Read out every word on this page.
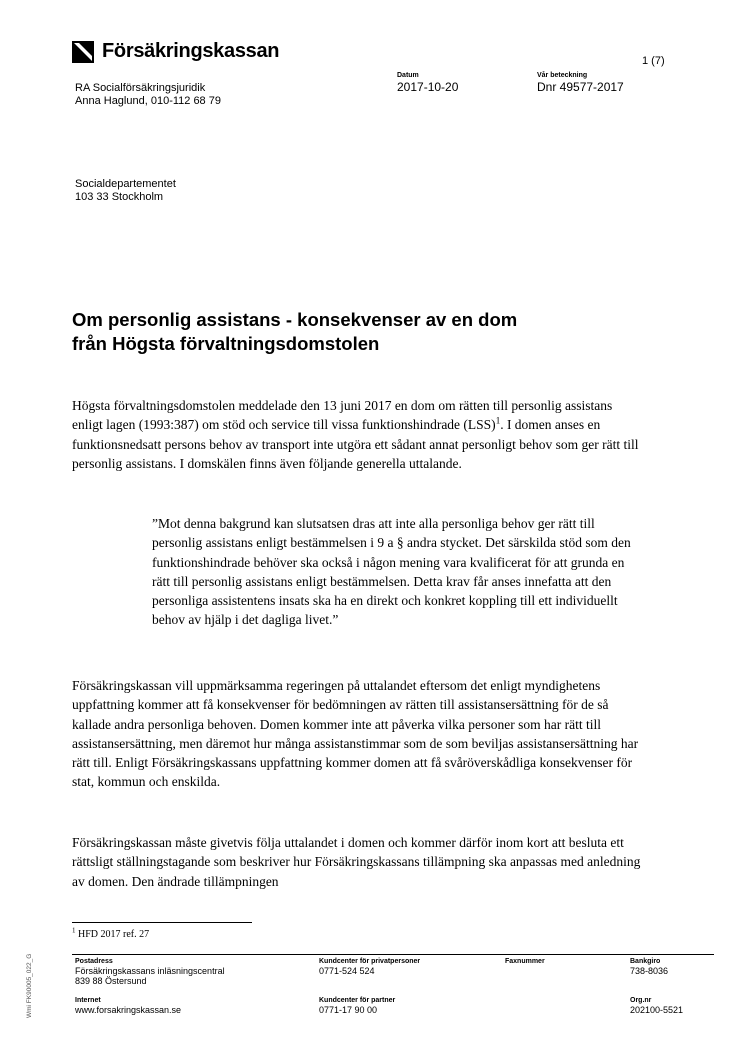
Försäkringskassan	1 (7)
RA Socialförsäkringsjuridik
Anna Haglund, 010-112 68 79
Datum
2017-10-20
Vår beteckning
Dnr 49577-2017
Socialdepartementet
103 33 Stockholm
Om personlig assistans - konsekvenser av en dom
från Högsta förvaltningsdomstolen
Högsta förvaltningsdomstolen meddelade den 13 juni 2017 en dom om rätten till personlig assistans enligt lagen (1993:387) om stöd och service till vissa funktionshindrade (LSS)$^1$. I domen anses en funktionsnedsatt persons behov av transport inte utgöra ett sådant annat personligt behov som ger rätt till personlig assistans. I domskälen finns även följande generella uttalande.
”Mot denna bakgrund kan slutsatsen dras att inte alla personliga behov ger rätt till personlig assistans enligt bestämmelsen i 9 a § andra stycket. Det särskilda stöd som den funktionshindrade behöver ska också i någon mening vara kvalificerat för att grunda en rätt till personlig assistans enligt bestämmelsen. Detta krav får anses innefatta att den personliga assistentens insats ska ha en direkt och konkret koppling till ett individuellt behov av hjälp i det dagliga livet.”
Försäkringskassan vill uppmärksamma regeringen på uttalandet eftersom det enligt myndighetens uppfattning kommer att få konsekvenser för bedömningen av rätten till assistansersättning för de så kallade andra personliga behoven. Domen kommer inte att påverka vilka personer som har rätt till assistansersättning, men däremot hur många assistanstimmar som de som beviljas assistansersättning har rätt till. Enligt Försäkringskassans uppfattning kommer domen att få svåröverskådliga konsekvenser för stat, kommun och enskilda.
Försäkringskassan måste givetvis följa uttalandet i domen och kommer därför inom kort att besluta ett rättsligt ställningstagande som beskriver hur Försäkringskassans tillämpning ska anpassas med anledning av domen. Den ändrade tillämpningen
$^1$ HFD 2017 ref. 27
Postadress
Försäkringskassans inläsningscentral
839 88 Östersund
Kundcenter för privatpersoner
0771-524 524
Faxnummer	Bankgiro
738-8036
Internet
www.forsakringskassan.se
Kundcenter för partner
0771-17 90 00
Org.nr
202100-5521
Wmi FK90005_022_G
